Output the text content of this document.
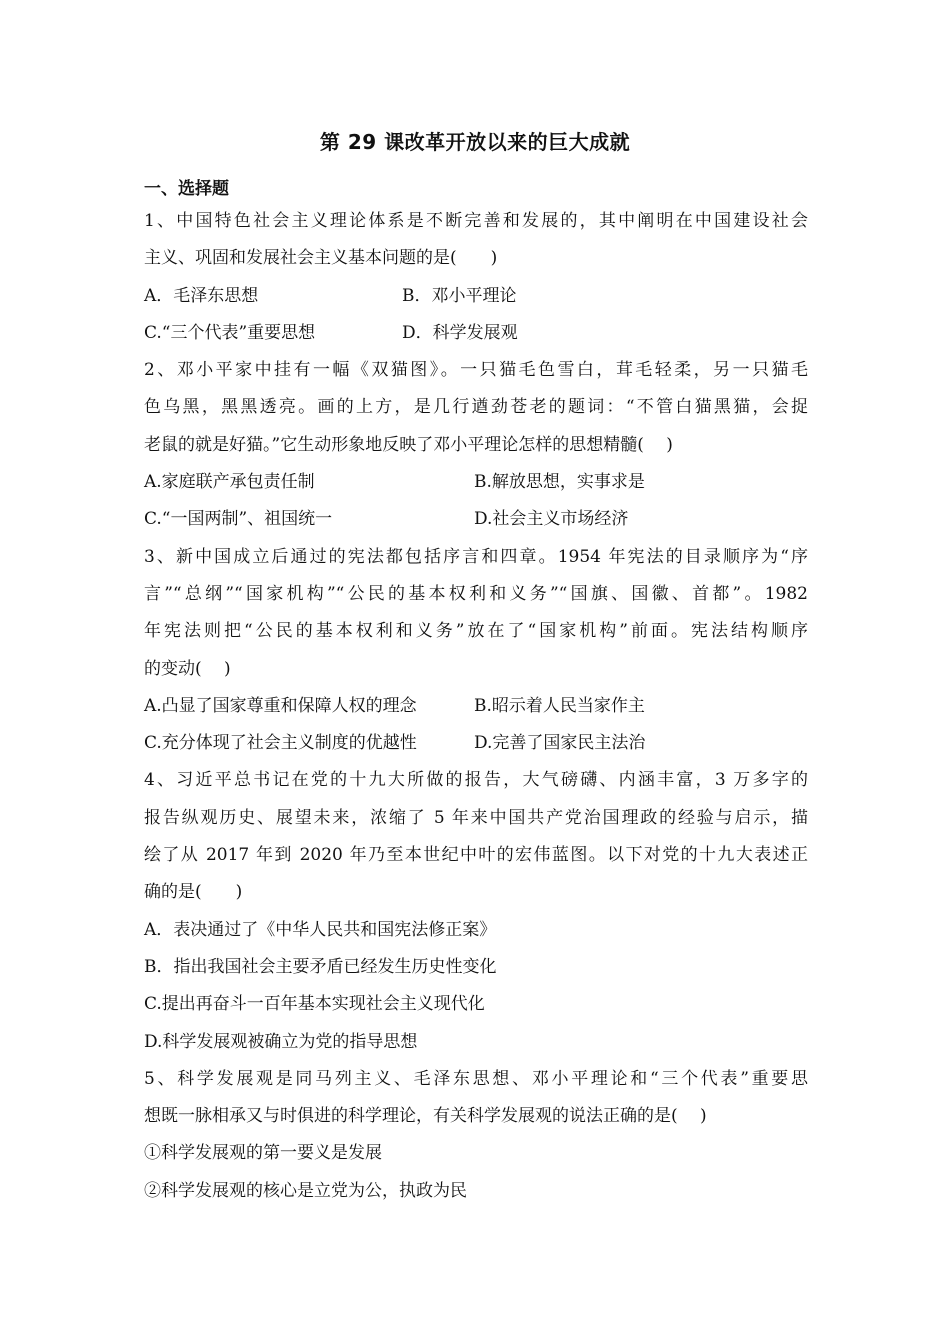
第 29 课改革开放以来的巨大成就
一、选择题
1、中国特色社会主义理论体系是不断完善和发展的，其中阐明在中国建设社会
主义、巩固和发展社会主义基本问题的是(　　)
A．毛泽东思想	B．邓小平理论
C.“三个代表”重要思想	D．科学发展观
2、邓小平家中挂有一幅《双猫图》。一只猫毛色雪白，茸毛轻柔，另一只猫毛
色乌黑，黑黑透亮。画的上方，是几行遒劲苍老的题词：“不管白猫黑猫，会捉
老鼠的就是好猫。”它生动形象地反映了邓小平理论怎样的思想精髓(　 )
A.家庭联产承包责任制	B.解放思想，实事求是
C.“一国两制”、祖国统一	D.社会主义市场经济
3、新中国成立后通过的宪法都包括序言和四章。1954 年宪法的目录顺序为“序
言”“总纲”“国家机构”“公民的基本权利和义务”“国旗、国徽、首都”。1982
年宪法则把“公民的基本权利和义务”放在了“国家机构”前面。宪法结构顺序
的变动(　 )
A.凸显了国家尊重和保障人权的理念	B.昭示着人民当家作主
C.充分体现了社会主义制度的优越性	D.完善了国家民主法治
4、习近平总书记在党的十九大所做的报告，大气磅礴、内涵丰富，3 万多字的
报告纵观历史、展望未来，浓缩了 5 年来中国共产党治国理政的经验与启示，描
绘了从 2017 年到 2020 年乃至本世纪中叶的宏伟蓝图。以下对党的十九大表述正
确的是(　　)
A．表决通过了《中华人民共和国宪法修正案》
B．指出我国社会主要矛盾已经发生历史性变化
C.提出再奋斗一百年基本实现社会主义现代化
D.科学发展观被确立为党的指导思想
5、科学发展观是同马列主义、毛泽东思想、邓小平理论和“三个代表”重要思
想既一脉相承又与时俱进的科学理论，有关科学发展观的说法正确的是(　 )
①科学发展观的第一要义是发展
②科学发展观的核心是立党为公，执政为民
